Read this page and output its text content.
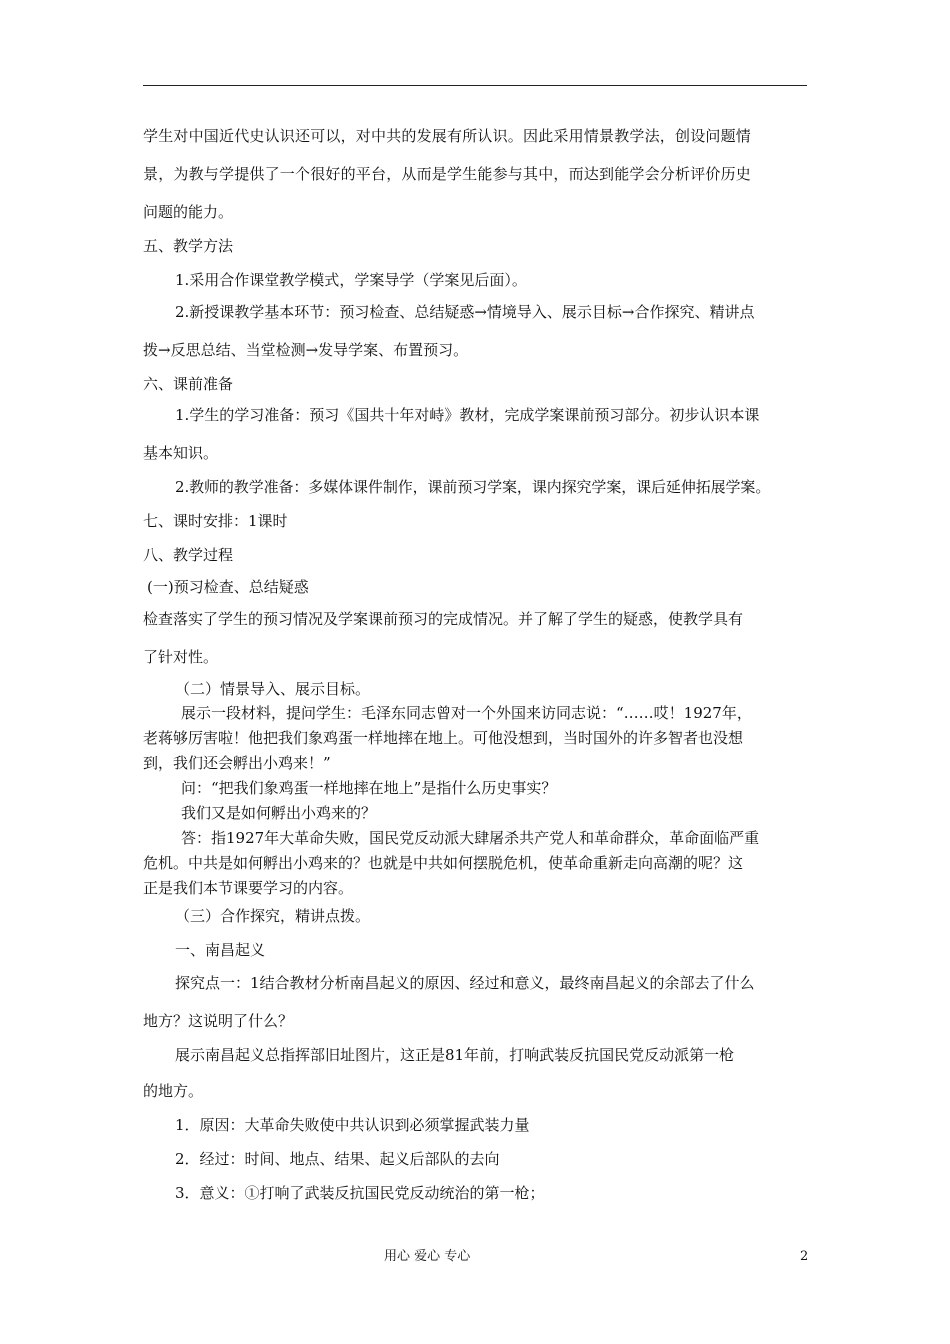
学生对中国近代史认识还可以，对中共的发展有所认识。因此采用情景教学法，创设问题情
景，为教与学提供了一个很好的平台，从而是学生能参与其中，而达到能学会分析评价历史
问题的能力。
五、教学方法
1.采用合作课堂教学模式，学案导学（学案见后面）。
2.新授课教学基本环节：预习检查、总结疑惑→情境导入、展示目标→合作探究、精讲点
拨→反思总结、当堂检测→发导学案、布置预习。
六、课前准备
1.学生的学习准备：预习《国共十年对峙》教材，完成学案课前预习部分。初步认识本课
基本知识。
2.教师的教学准备：多媒体课件制作，课前预习学案，课内探究学案，课后延伸拓展学案。
七、课时安排：1课时
八、教学过程
(一)预习检查、总结疑惑
检查落实了学生的预习情况及学案课前预习的完成情况。并了解了学生的疑惑，使教学具有
了针对性。
（二）情景导入、展示目标。
展示一段材料，提问学生：毛泽东同志曾对一个外国来访同志说：“……哎！1927年，
老蒋够厉害啦！他把我们象鸡蛋一样地摔在地上。可他没想到，当时国外的许多智者也没想
到，我们还会孵出小鸡来！”
问：“把我们象鸡蛋一样地摔在地上”是指什么历史事实？
我们又是如何孵出小鸡来的？
答：指1927年大革命失败，国民党反动派大肆屠杀共产党人和革命群众，革命面临严重
危机。中共是如何孵出小鸡来的？也就是中共如何摆脱危机，使革命重新走向高潮的呢？这
正是我们本节课要学习的内容。
（三）合作探究，精讲点拨。
一、南昌起义
探究点一：1结合教材分析南昌起义的原因、经过和意义，最终南昌起义的余部去了什么
地方？这说明了什么？
展示南昌起义总指挥部旧址图片，这正是81年前，打响武装反抗国民党反动派第一枪
的地方。
1．原因：大革命失败使中共认识到必须掌握武装力量
2．经过：时间、地点、结果、起义后部队的去向
3．意义：①打响了武装反抗国民党反动统治的第一枪；
用心 爱心 专心	2
